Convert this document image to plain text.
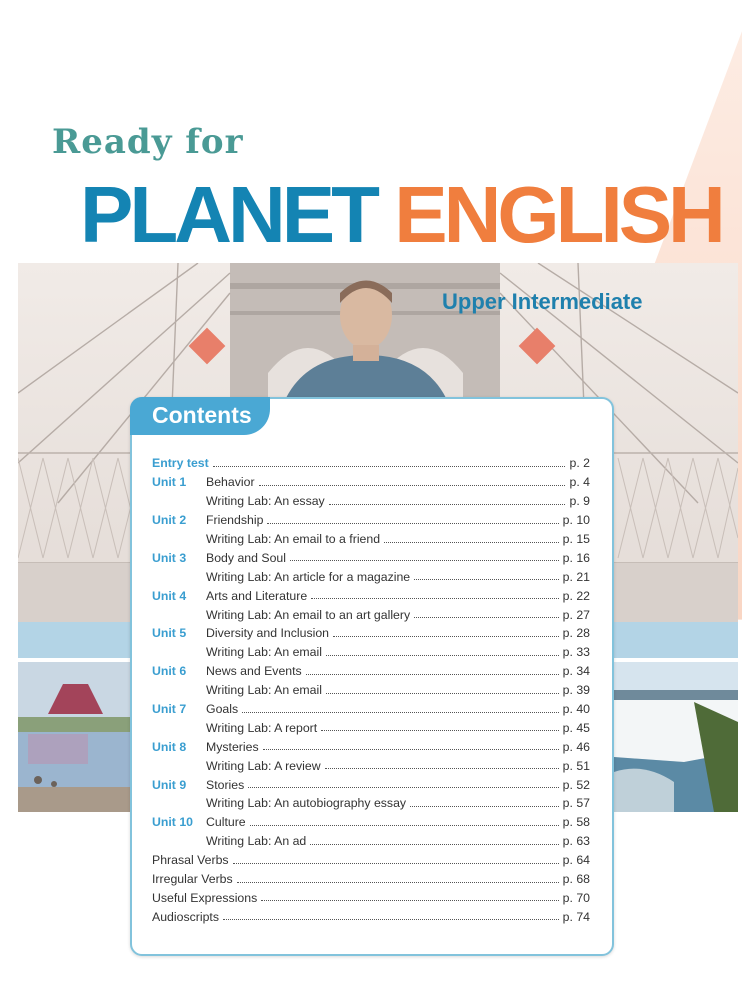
Ready for
PLANET ENGLISH
Upper Intermediate
Contents
Entry test	p. 2
Unit 1	Behavior	p. 4
Writing Lab: An essay	p. 9
Unit 2	Friendship	p. 10
Writing Lab: An email to a friend	p. 15
Unit 3	Body and Soul	p. 16
Writing Lab: An article for a magazine	p. 21
Unit 4	Arts and Literature	p. 22
Writing Lab: An email to an art gallery	p. 27
Unit 5	Diversity and Inclusion	p. 28
Writing Lab: An email	p. 33
Unit 6	News and Events	p. 34
Writing Lab: An email	p. 39
Unit 7	Goals	p. 40
Writing Lab: A report	p. 45
Unit 8	Mysteries	p. 46
Writing Lab: A review	p. 51
Unit 9	Stories	p. 52
Writing Lab: An autobiography essay	p. 57
Unit 10	Culture	p. 58
Writing Lab: An ad	p. 63
Phrasal Verbs	p. 64
Irregular Verbs	p. 68
Useful Expressions	p. 70
Audioscripts	p. 74
